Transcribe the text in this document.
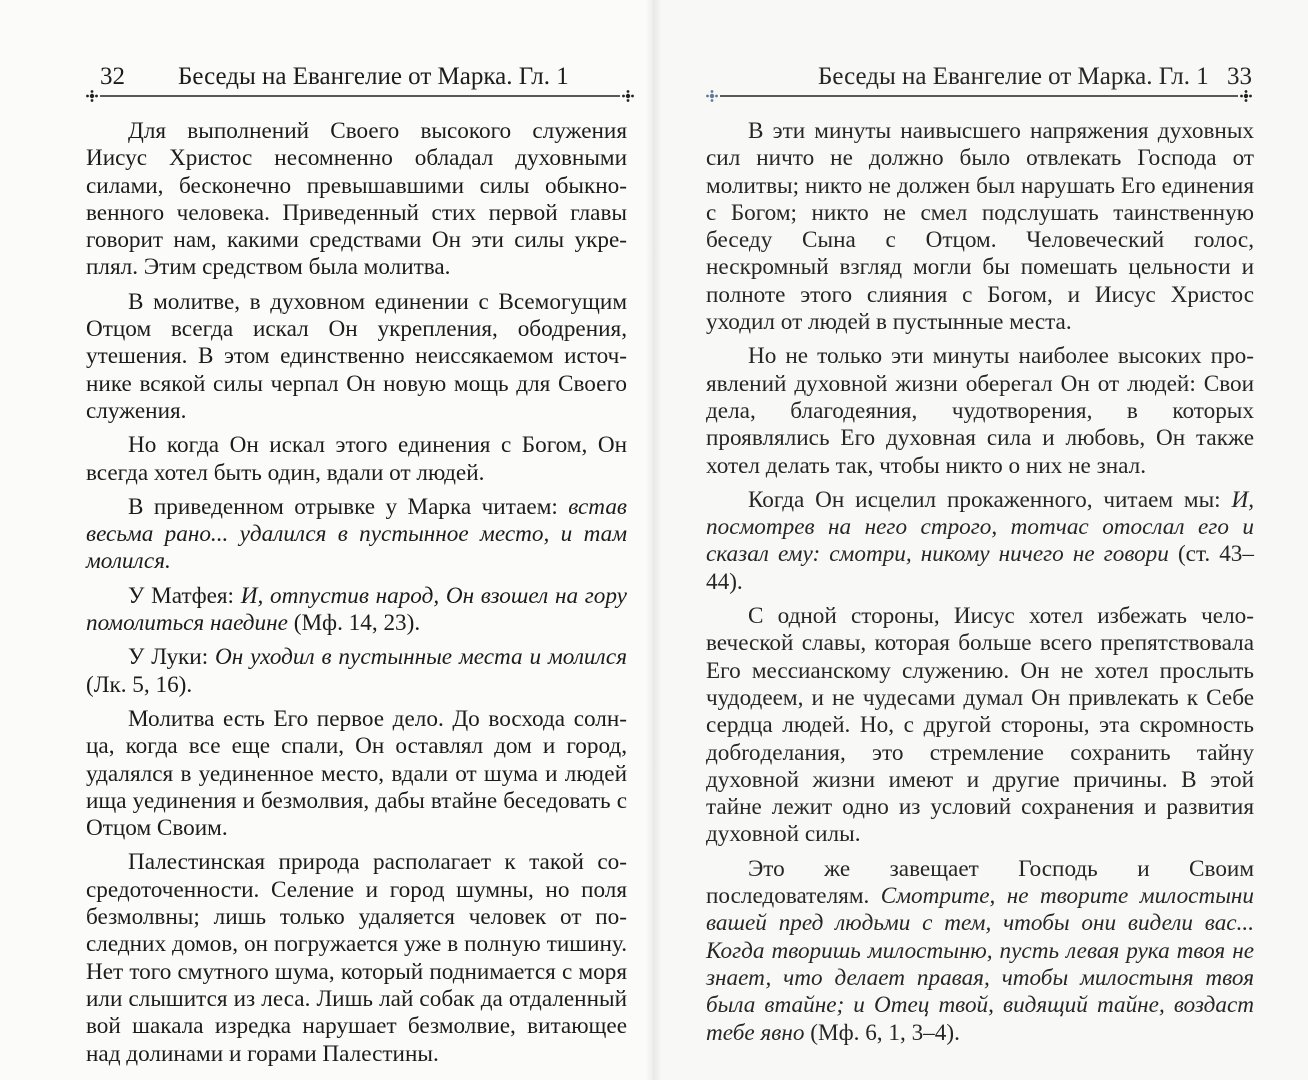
32 Беседы на Евангелие от Марка. Гл. 1

Для выполнений Своего высокого служения Иисус Христос несомненно обладал духовными силами, бесконечно превышавшими силы обыкновенного человека. Приведенный стих первой главы говорит нам, какими средствами Он эти силы укреплял. Этим средством была молитва.

В молитве, в духовном единении с Всемогущим Отцом всегда искал Он укрепления, ободрения, утешения. В этом единственно неиссякаемом источнике всякой силы черпал Он новую мощь для Своего служения.

Но когда Он искал этого единения с Богом, Он всегда хотел быть один, вдали от людей.

В приведенном отрывке у Марка читаем: встав весьма рано... удалился в пустынное место, и там молился.

У Матфея: И, отпустив народ, Он взошел на гору помолиться наедине (Мф. 14, 23).

У Луки: Он уходил в пустынные места и молился (Лк. 5, 16).

Молитва есть Его первое дело. До восхода солнца, когда все еще спали, Он оставлял дом и город, удалялся в уединенное место, вдали от шума и людей ища уединения и безмолвия, дабы втайне беседовать с Отцом Своим.

Палестинская природа располагает к такой сосредоточенности. Селение и город шумны, но поля безмолвны; лишь только удаляется человек от последних домов, он погружается уже в полную тишину. Нет того смутного шума, который поднимается с моря или слышится из леса. Лишь лай собак да отдаленный вой шакала изредка нарушает безмолвие, витающее над долинами и горами Палестины.

Беседы на Евангелие от Марка. Гл. 1 33

В эти минуты наивысшего напряжения духовных сил ничто не должно было отвлекать Господа от молитвы; никто не должен был нарушать Его единения с Богом; никто не смел подслушать таинственную беседу Сына с Отцом. Человеческий голос, нескромный взгляд могли бы помешать цельности и полноте этого слияния с Богом, и Иисус Христос уходил от людей в пустынные места.

Но не только эти минуты наиболее высоких проявлений духовной жизни оберегал Он от людей: Свои дела, благодеяния, чудотворения, в которых проявлялись Его духовная сила и любовь, Он также хотел делать так, чтобы никто о них не знал.

Когда Он исцелил прокаженного, читаем мы: И, посмотрев на него строго, тотчас отослал его и сказал ему: смотри, никому ничего не говори (ст. 43–44).

С одной стороны, Иисус хотел избежать человеческой славы, которая больше всего препятствовала Его мессианскому служению. Он не хотел прослыть чудодеем, и не чудесами думал Он привлекать к Себе сердца людей. Но, с другой стороны, эта скромность добroделания, это стремление сохранить тайну духовной жизни имеют и другие причины. В этой тайне лежит одно из условий сохранения и развития духовной силы.

Это же завещает Господь и Своим последователям. Смотрите, не творите милостыни вашей пред людьми с тем, чтобы они видели вас... Когда творишь милостыню, пусть левая рука твоя не знает, что делает правая, чтобы милостыня твоя была втайне; и Отец твой, видящий тайне, воздаст тебе явно (Мф. 6, 1, 3–4).
